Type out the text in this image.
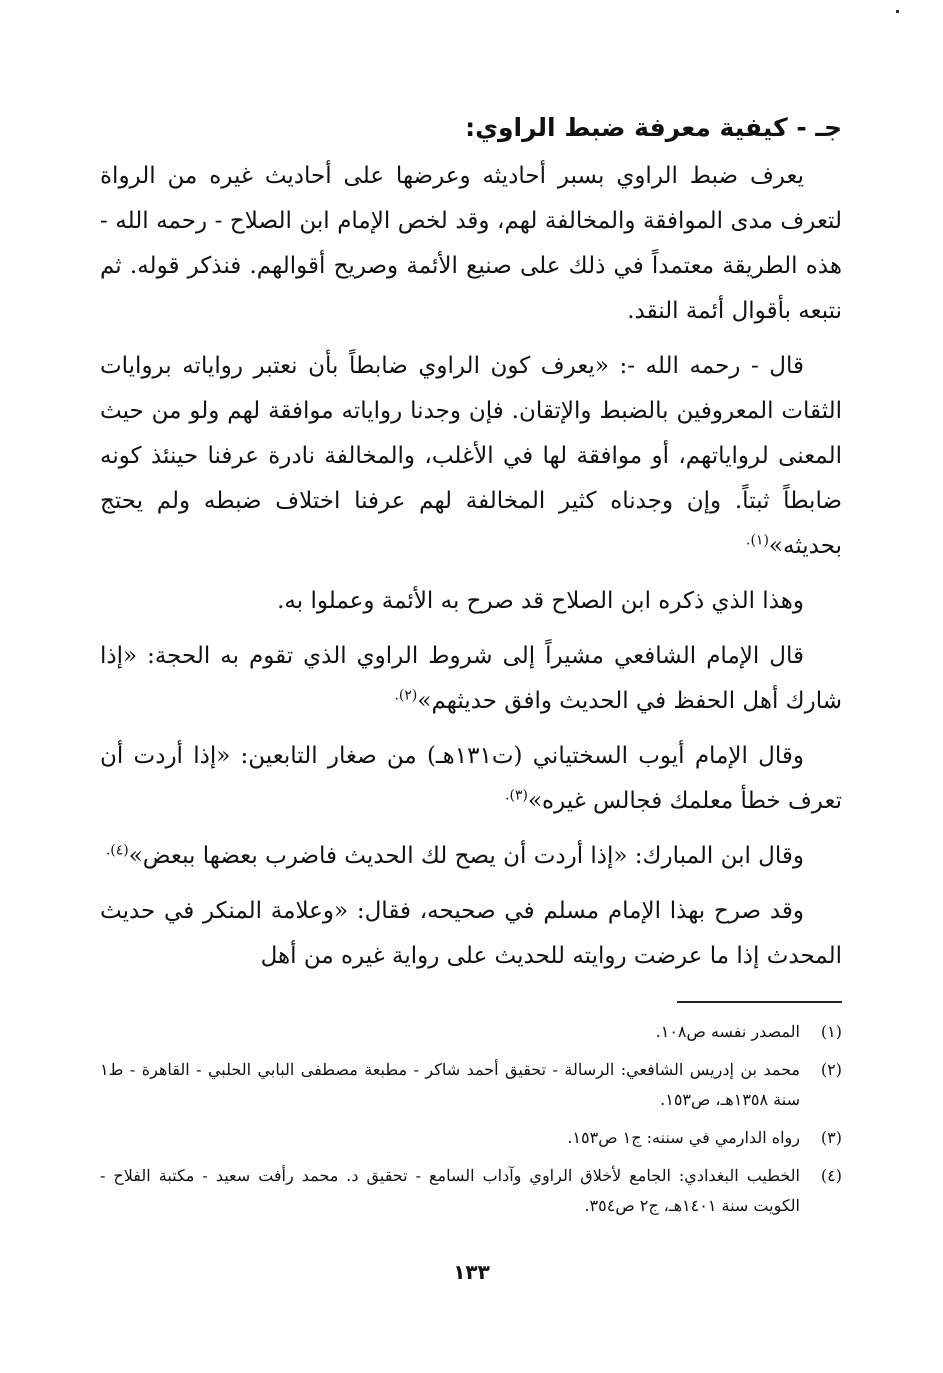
جـ - كيفية معرفة ضبط الراوي:

يعرف ضبط الراوي بسبر أحاديثه وعرضها على أحاديث غيره من الرواة لتعرف مدى الموافقة والمخالفة لهم، وقد لخص الإمام ابن الصلاح - رحمه الله - هذه الطريقة معتمداً في ذلك على صنيع الأئمة وصريح أقوالهم. فنذكر قوله. ثم نتبعه بأقوال أئمة النقد.

قال - رحمه الله -: «يعرف كون الراوي ضابطاً بأن نعتبر رواياته بروايات الثقات المعروفين بالضبط والإتقان. فإن وجدنا رواياته موافقة لهم ولو من حيث المعنى لرواياتهم، أو موافقة لها في الأغلب، والمخالفة نادرة عرفنا حينئذ كونه ضابطاً ثبتاً. وإن وجدناه كثير المخالفة لهم عرفنا اختلاف ضبطه ولم يحتج بحديثه»$^{(١).}$

وهذا الذي ذكره ابن الصلاح قد صرح به الأئمة وعملوا به.

قال الإمام الشافعي مشيراً إلى شروط الراوي الذي تقوم به الحجة: «إذا شارك أهل الحفظ في الحديث وافق حديثهم»$^{(٢).}$

وقال الإمام أيوب السختياني (ت١٣١هـ) من صغار التابعين: «إذا أردت أن تعرف خطأ معلمك فجالس غيره»$^{(٣).}$

وقال ابن المبارك: «إذا أردت أن يصح لك الحديث فاضرب بعضها ببعض»$^{(٤).}$

وقد صرح بهذا الإمام مسلم في صحيحه، فقال: «وعلامة المنكر في حديث المحدث إذا ما عرضت روايته للحديث على رواية غيره من أهل

(١)
المصدر نفسه ص١٠٨.
(٢)
محمد بن إدريس الشافعي: الرسالة - تحقيق أحمد شاكر - مطبعة مصطفى البابي الحلبي - القاهرة - ط١ سنة ١٣٥٨هـ، ص١٥٣.
(٣)
رواه الدارمي في سننه: ج١ ص١٥٣.
(٤)
الخطيب البغدادي: الجامع لأخلاق الراوي وآداب السامع - تحقيق د. محمد رأفت سعيد - مكتبة الفلاح - الكويت سنة ١٤٠١هـ، ج٢ ص٣٥٤.
١٣٣
